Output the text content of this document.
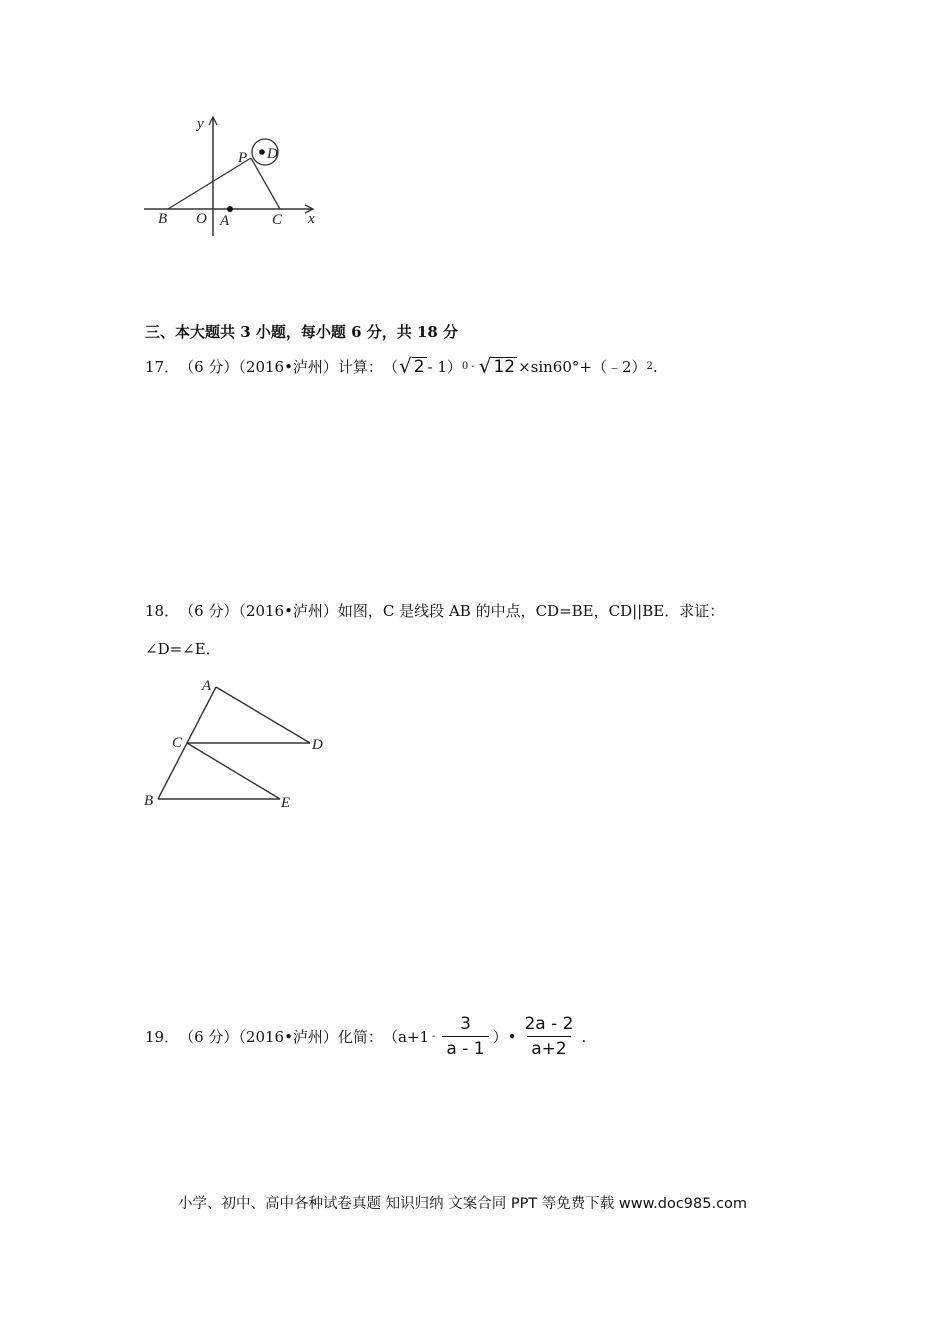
y
x
P D
B O A	C
三、本大题共 3 小题，每小题 6 分，共 18 分
17． （6 分）（2016•泸州）计算： （ √ 2 - 1） 0 - √ 12 ×sin60°+（﹣2） 2 .
18． （6 分）（2016•泸州）如图，C 是线段 AB 的中点，CD=BE，CD||BE．求证：
∠D=∠E．
A
C	D
B	E
19． （6 分）（2016•泸州）化简： （$a+1 - \frac{3}{a - 1}$ ）• $\frac{2a - 2}{a+2}$ .
小学、初中、高中各种试卷真题 知识归纳 文案合同 PPT 等免费下载 www.doc985.com
